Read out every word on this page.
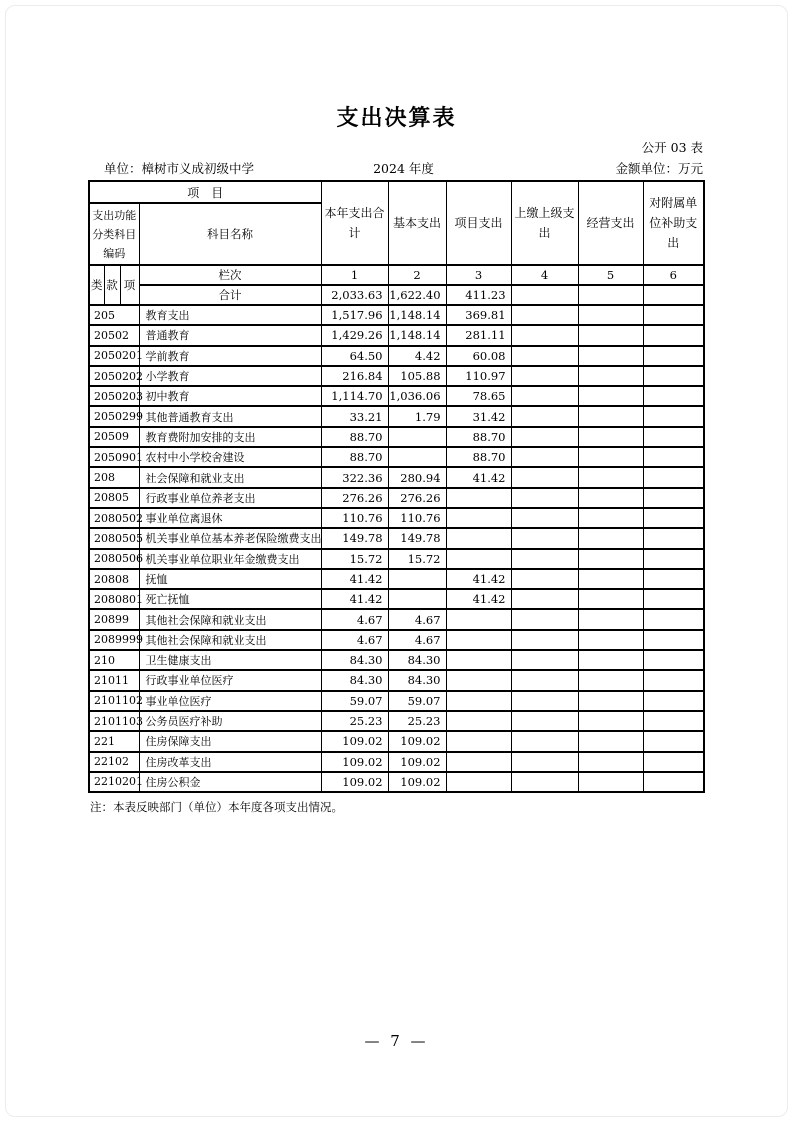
支出决算表
公开 03 表
单位：樟树市义成初级中学	2024 年度	金额单位：万元
项　目				本年支出合计	基本支出	项目支出	上缴上级支出	经营支出	对附属单位补助支出
支出功能分类科目编码			科目名称						
类	款	项	栏次	1	2	3	4	5	6
			合计	2,033.63	1,622.40	411.23			
205			教育支出	1,517.96	1,148.14	369.81			
20502			普通教育	1,429.26	1,148.14	281.11			
2050201			学前教育	64.50	4.42	60.08			
2050202			小学教育	216.84	105.88	110.97			
2050203			初中教育	1,114.70	1,036.06	78.65			
2050299			其他普通教育支出	33.21	1.79	31.42			
20509			教育费附加安排的支出	88.70		88.70			
2050901			农村中小学校舍建设	88.70		88.70			
208			社会保障和就业支出	322.36	280.94	41.42			
20805			行政事业单位养老支出	276.26	276.26				
2080502			事业单位离退休	110.76	110.76				
2080505			机关事业单位基本养老保险缴费支出	149.78	149.78				
2080506			机关事业单位职业年金缴费支出	15.72	15.72				
20808			抚恤	41.42		41.42			
2080801			死亡抚恤	41.42		41.42			
20899			其他社会保障和就业支出	4.67	4.67				
2089999			其他社会保障和就业支出	4.67	4.67				
210			卫生健康支出	84.30	84.30				
21011			行政事业单位医疗	84.30	84.30				
2101102			事业单位医疗	59.07	59.07				
2101103			公务员医疗补助	25.23	25.23				
221			住房保障支出	109.02	109.02				
22102			住房改革支出	109.02	109.02				
2210201			住房公积金	109.02	109.02				
注：本表反映部门（单位）本年度各项支出情况。
— 7 —
